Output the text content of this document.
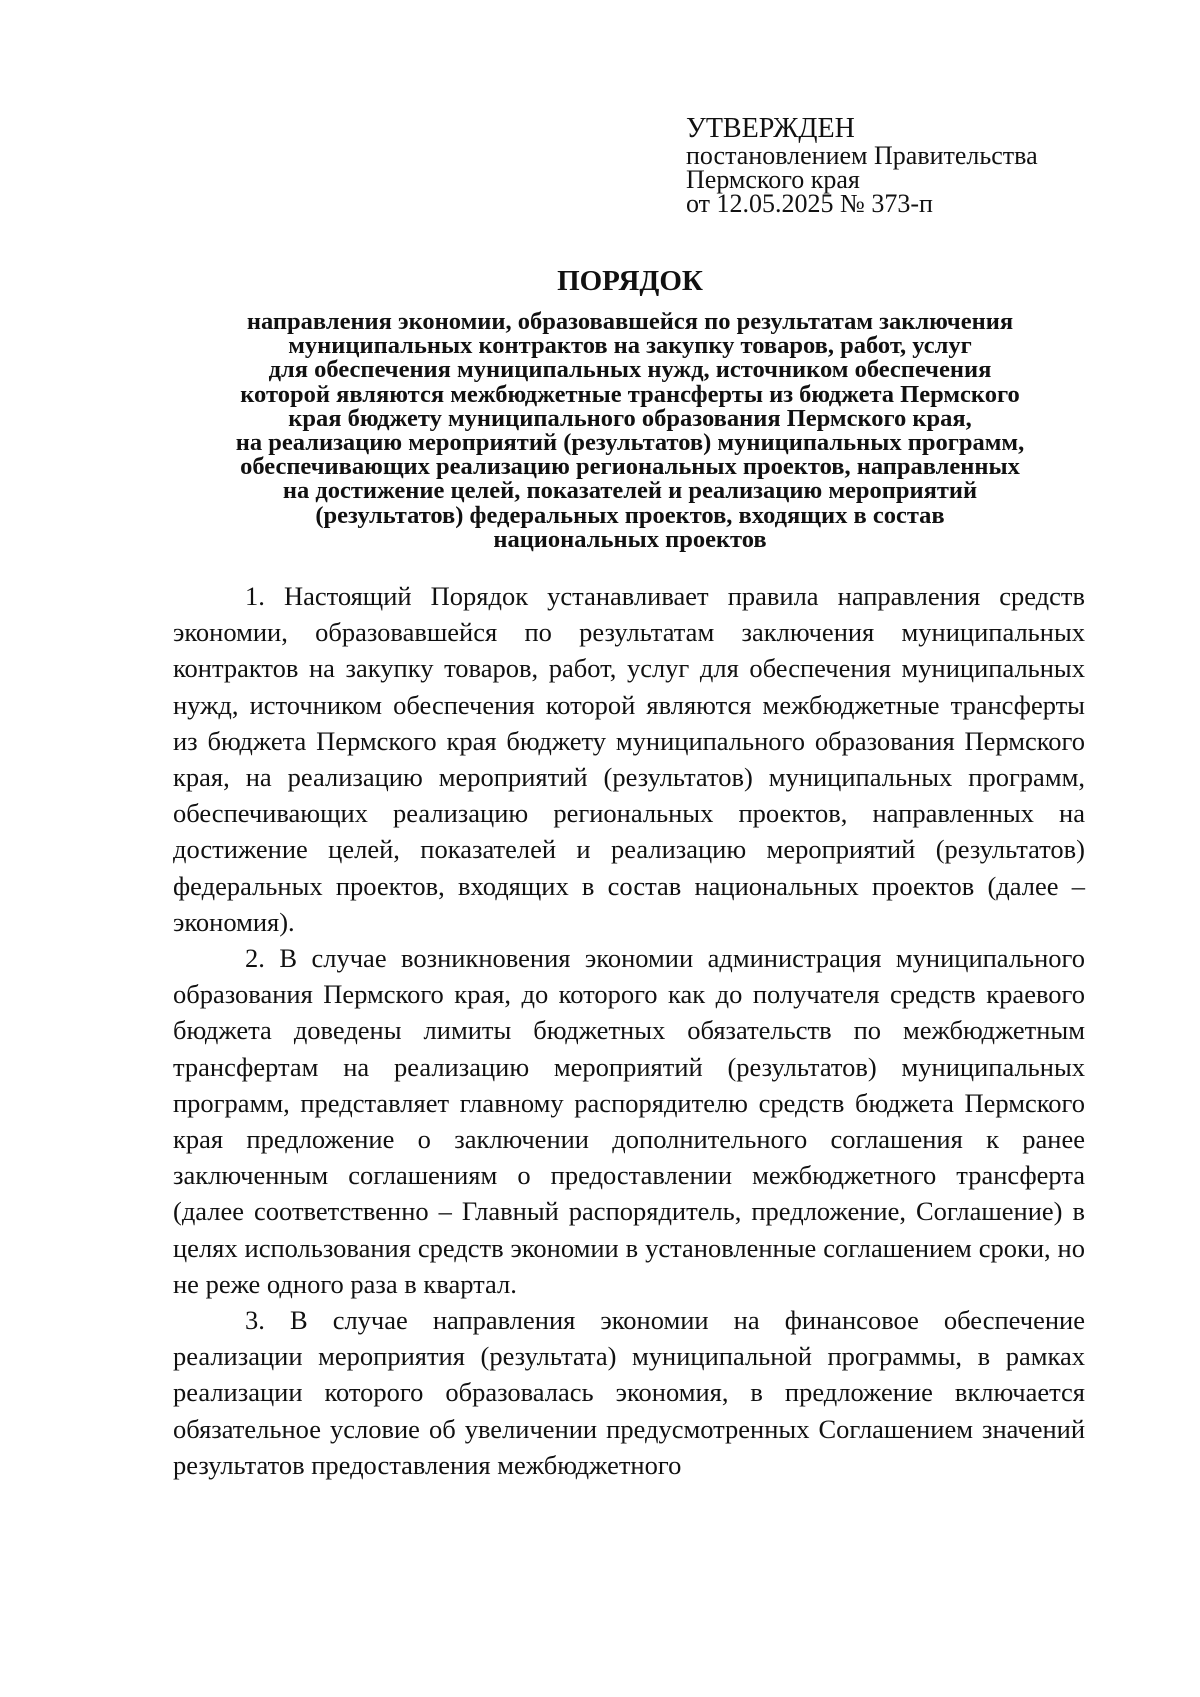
УТВЕРЖДЕН
постановлением Правительства
Пермского края
от 12.05.2025 № 373-п
ПОРЯДОК
направления экономии, образовавшейся по результатам заключения
муниципальных контрактов на закупку товаров, работ, услуг
для обеспечения муниципальных нужд, источником обеспечения
которой являются межбюджетные трансферты из бюджета Пермского
края бюджету муниципального образования Пермского края,
на реализацию мероприятий (результатов) муниципальных программ,
обеспечивающих реализацию региональных проектов, направленных
на достижение целей, показателей и реализацию мероприятий
(результатов) федеральных проектов, входящих в состав
национальных проектов

1. Настоящий Порядок устанавливает правила направления средств экономии, образовавшейся по результатам заключения муниципальных контрактов на закупку товаров, работ, услуг для обеспечения муниципальных нужд, источником обеспечения которой являются межбюджетные трансферты из бюджета Пермского края бюджету муниципального образования Пермского края, на реализацию мероприятий (результатов) муниципальных программ, обеспечивающих реализацию региональных проектов, направленных на достижение целей, показателей и реализацию мероприятий (результатов) федеральных проектов, входящих в состав национальных проектов (далее – экономия).

2. В случае возникновения экономии администрация муниципального образования Пермского края, до которого как до получателя средств краевого бюджета доведены лимиты бюджетных обязательств по межбюджетным трансфертам на реализацию мероприятий (результатов) муниципальных программ, представляет главному распорядителю средств бюджета Пермского края предложение о заключении дополнительного соглашения к ранее заключенным соглашениям о предоставлении межбюджетного трансферта (далее соответственно – Главный распорядитель, предложение, Соглашение) в целях использования средств экономии в установленные соглашением сроки, но не реже одного раза в квартал.

3. В случае направления экономии на финансовое обеспечение реализации мероприятия (результата) муниципальной программы, в рамках реализации которого образовалась экономия, в предложение включается обязательное условие об увеличении предусмотренных Соглашением значений результатов предоставления межбюджетного
